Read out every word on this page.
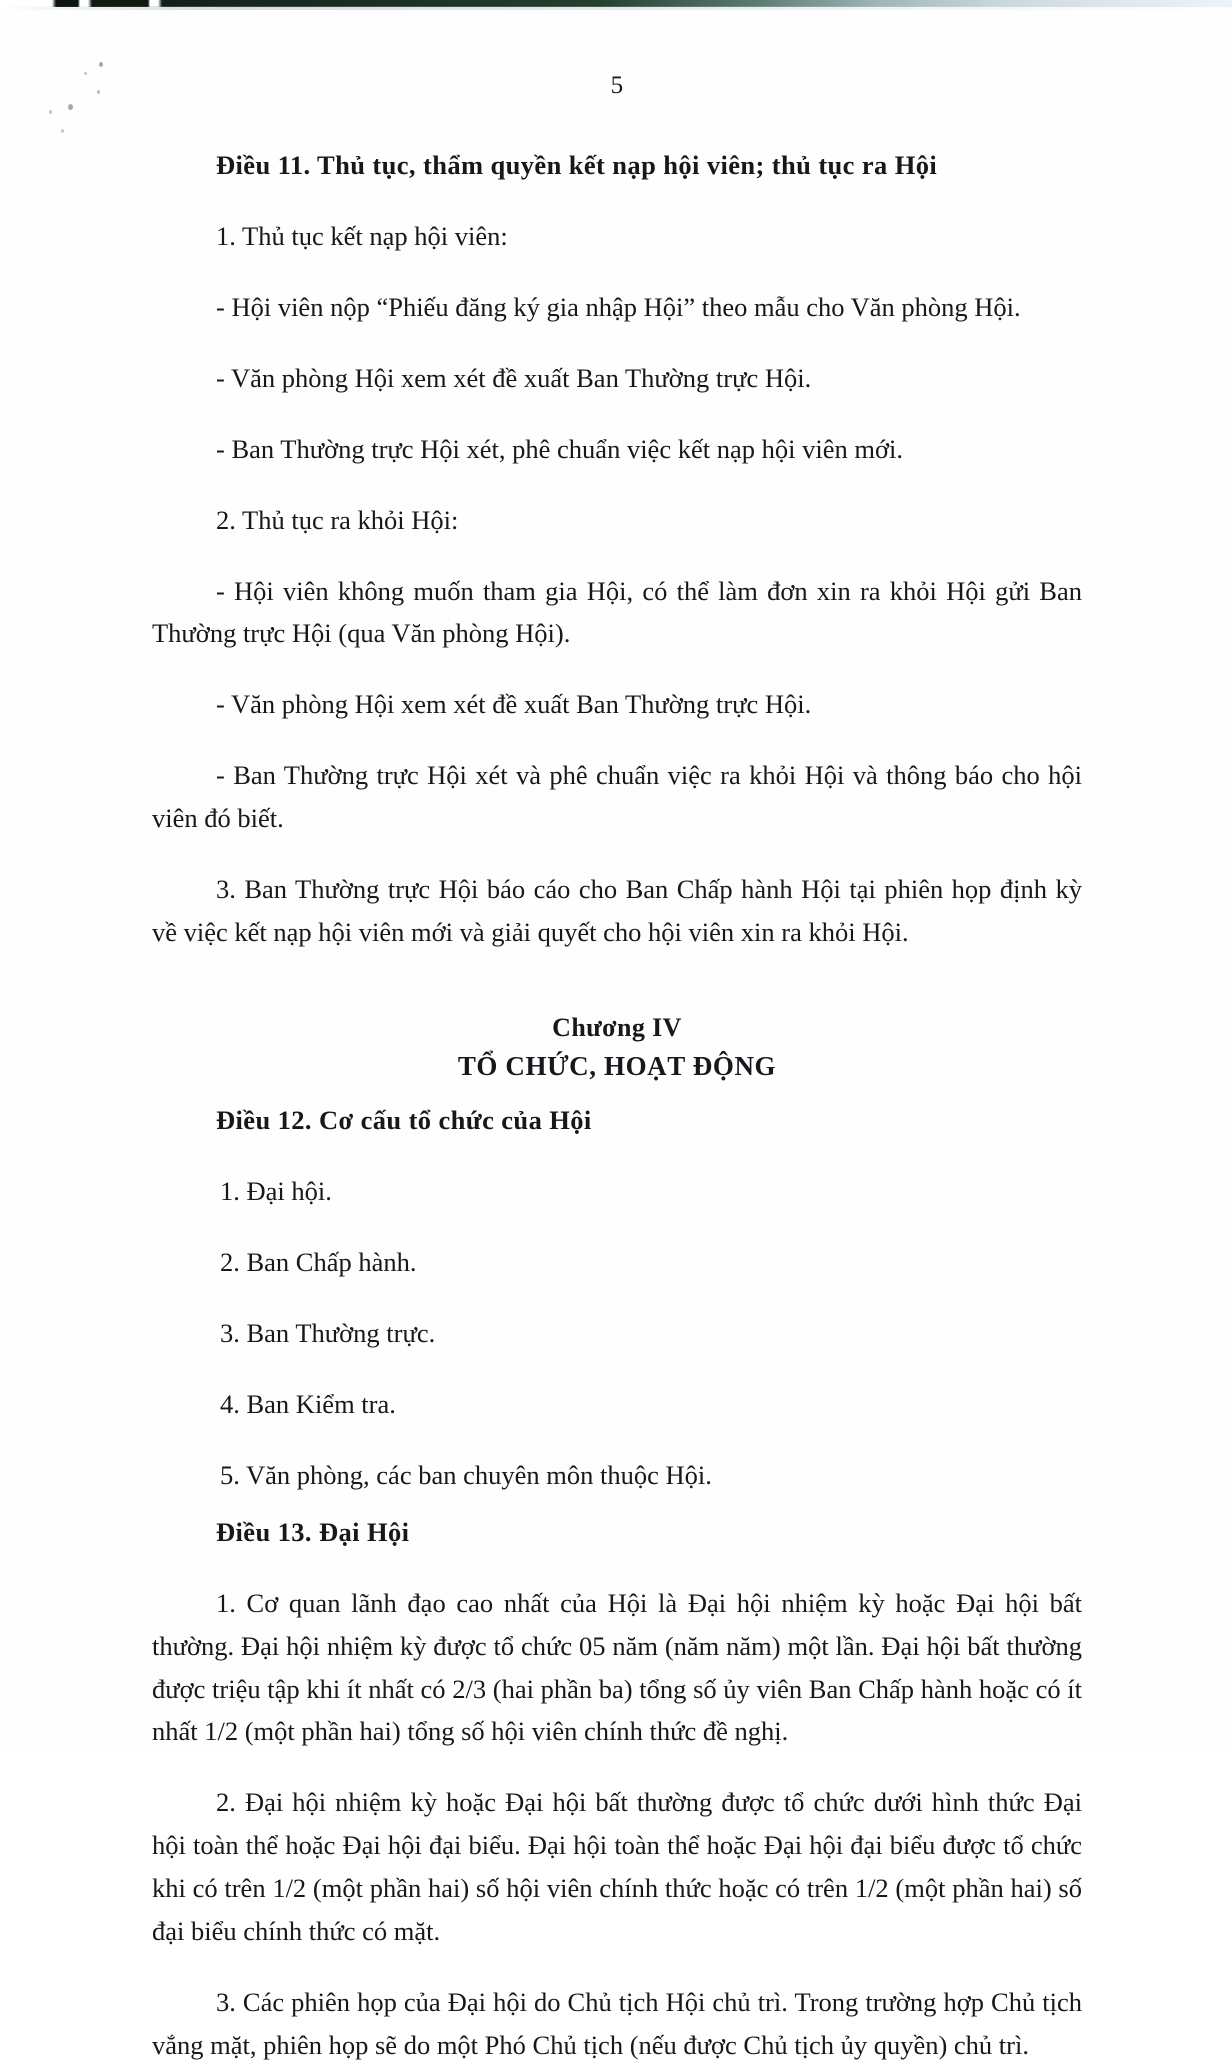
5

Điều 11. Thủ tục, thẩm quyền kết nạp hội viên; thủ tục ra Hội

1. Thủ tục kết nạp hội viên:

- Hội viên nộp “Phiếu đăng ký gia nhập Hội” theo mẫu cho Văn phòng Hội.

- Văn phòng Hội xem xét đề xuất Ban Thường trực Hội.

- Ban Thường trực Hội xét, phê chuẩn việc kết nạp hội viên mới.

2. Thủ tục ra khỏi Hội:

- Hội viên không muốn tham gia Hội, có thể làm đơn xin ra khỏi Hội gửi Ban Thường trực Hội (qua Văn phòng Hội).

- Văn phòng Hội xem xét đề xuất Ban Thường trực Hội.

- Ban Thường trực Hội xét và phê chuẩn việc ra khỏi Hội và thông báo cho hội viên đó biết.

3. Ban Thường trực Hội báo cáo cho Ban Chấp hành Hội tại phiên họp định kỳ về việc kết nạp hội viên mới và giải quyết cho hội viên xin ra khỏi Hội.

Chương IV

TỔ CHỨC, HOẠT ĐỘNG

Điều 12. Cơ cấu tổ chức của Hội

1. Đại hội.

2. Ban Chấp hành.

3. Ban Thường trực.

4. Ban Kiểm tra.

5. Văn phòng, các ban chuyên môn thuộc Hội.

Điều 13. Đại Hội

1. Cơ quan lãnh đạo cao nhất của Hội là Đại hội nhiệm kỳ hoặc Đại hội bất thường. Đại hội nhiệm kỳ được tổ chức 05 năm (năm năm) một lần. Đại hội bất thường được triệu tập khi ít nhất có 2/3 (hai phần ba) tổng số ủy viên Ban Chấp hành hoặc có ít nhất 1/2 (một phần hai) tổng số hội viên chính thức đề nghị.

2. Đại hội nhiệm kỳ hoặc Đại hội bất thường được tổ chức dưới hình thức Đại hội toàn thể hoặc Đại hội đại biểu. Đại hội toàn thể hoặc Đại hội đại biểu được tổ chức khi có trên 1/2 (một phần hai) số hội viên chính thức hoặc có trên 1/2 (một phần hai) số đại biểu chính thức có mặt.

3. Các phiên họp của Đại hội do Chủ tịch Hội chủ trì. Trong trường hợp Chủ tịch vắng mặt, phiên họp sẽ do một Phó Chủ tịch (nếu được Chủ tịch ủy quyền) chủ trì.
